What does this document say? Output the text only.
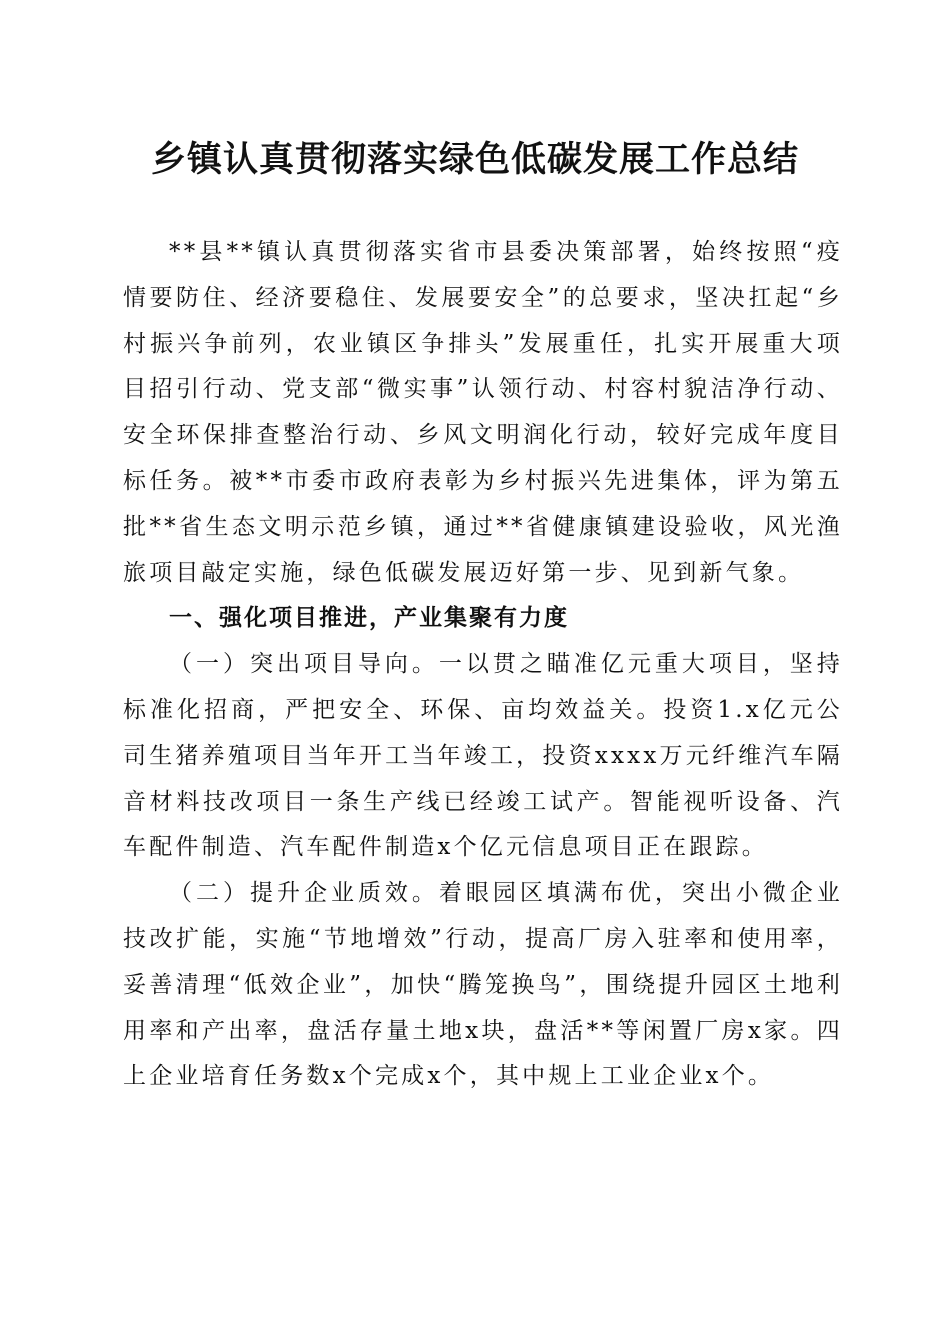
乡镇认真贯彻落实绿色低碳发展工作总结

**县**镇认真贯彻落实省市县委决策部署，始终按照“疫情要防住、经济要稳住、发展要安全”的总要求，坚决扛起“乡村振兴争前列，农业镇区争排头”发展重任，扎实开展重大项目招引行动、党支部“微实事”认领行动、村容村貌洁净行动、安全环保排查整治行动、乡风文明润化行动，较好完成年度目标任务。被**市委市政府表彰为乡村振兴先进集体，评为第五批**省生态文明示范乡镇，通过**省健康镇建设验收，风光渔旅项目敲定实施，绿色低碳发展迈好第一步、见到新气象。

一、强化项目推进，产业集聚有力度

（一）突出项目导向。一以贯之瞄准亿元重大项目，坚持标准化招商，严把安全、环保、亩均效益关。投资1.x亿元公司生猪养殖项目当年开工当年竣工，投资xxxx万元纤维汽车隔音材料技改项目一条生产线已经竣工试产。智能视听设备、汽车配件制造、汽车配件制造x个亿元信息项目正在跟踪。

（二）提升企业质效。着眼园区填满布优，突出小微企业技改扩能，实施“节地增效”行动，提高厂房入驻率和使用率，妥善清理“低效企业”，加快“腾笼换鸟”，围绕提升园区土地利用率和产出率，盘活存量土地x块，盘活**等闲置厂房x家。四上企业培育任务数x个完成x个，其中规上工业企业x个。
